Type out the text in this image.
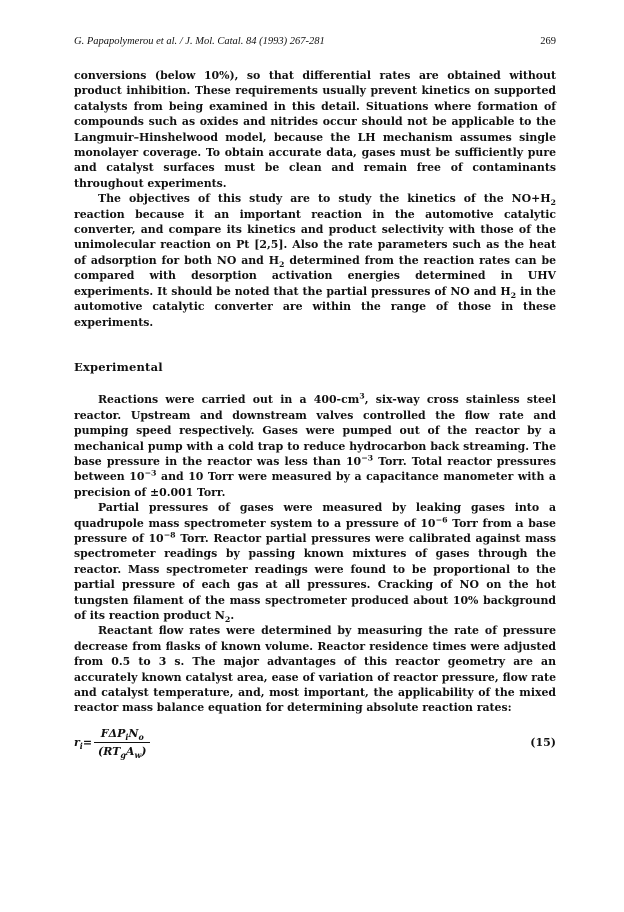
G. Papapolymerou et al. / J. Mol. Catal. 84 (1993) 267-281	269

conversions (below 10%), so that differential rates are obtained without product inhibition. These requirements usually prevent kinetics on supported catalysts from being examined in this detail. Situations where formation of compounds such as oxides and nitrides occur should not be applicable to the Langmuir–Hinshelwood model, because the LH mechanism assumes single monolayer coverage. To obtain accurate data, gases must be sufficiently pure and catalyst surfaces must be clean and remain free of contaminants throughout experiments.

The objectives of this study are to study the kinetics of the $NO+H_2$ reaction because it an important reaction in the automotive catalytic converter, and compare its kinetics and product selectivity with those of the unimolecular reaction on Pt [2,5]. Also the rate parameters such as the heat of adsorption for both NO and $H_2$ determined from the reaction rates can be compared with desorption activation energies determined in UHV experiments. It should be noted that the partial pressures of NO and $H_2$ in the automotive catalytic converter are within the range of those in these experiments.

Experimental

Reactions were carried out in a $400-cm^3$, six-way cross stainless steel reactor. Upstream and downstream valves controlled the flow rate and pumping speed respectively. Gases were pumped out of the reactor by a mechanical pump with a cold trap to reduce hydrocarbon back streaming. The base pressure in the reactor was less than $10^{-3}$ Torr. Total reactor pressures between $10^{-3}$ and 10 Torr were measured by a capacitance manometer with a precision of ±0.001 Torr.

Partial pressures of gases were measured by leaking gases into a quadrupole mass spectrometer system to a pressure of $10^{-6}$ Torr from a base pressure of $10^{-8}$ Torr. Reactor partial pressures were calibrated against mass spectrometer readings by passing known mixtures of gases through the reactor. Mass spectrometer readings were found to be proportional to the partial pressure of each gas at all pressures. Cracking of NO on the hot tungsten filament of the mass spectrometer produced about 10% background of its reaction product $N_2$.

Reactant flow rates were determined by measuring the rate of pressure decrease from flasks of known volume. Reactor residence times were adjusted from 0.5 to 3 s. The major advantages of this reactor geometry are an accurately known catalyst area, ease of variation of reactor pressure, flow rate and catalyst temperature, and, most important, the applicability of the mixed reactor mass balance equation for determining absolute reaction rates:

$r_i= \frac{F\Delta P_iN_o}{(RT_gA_w)}$	(15)
